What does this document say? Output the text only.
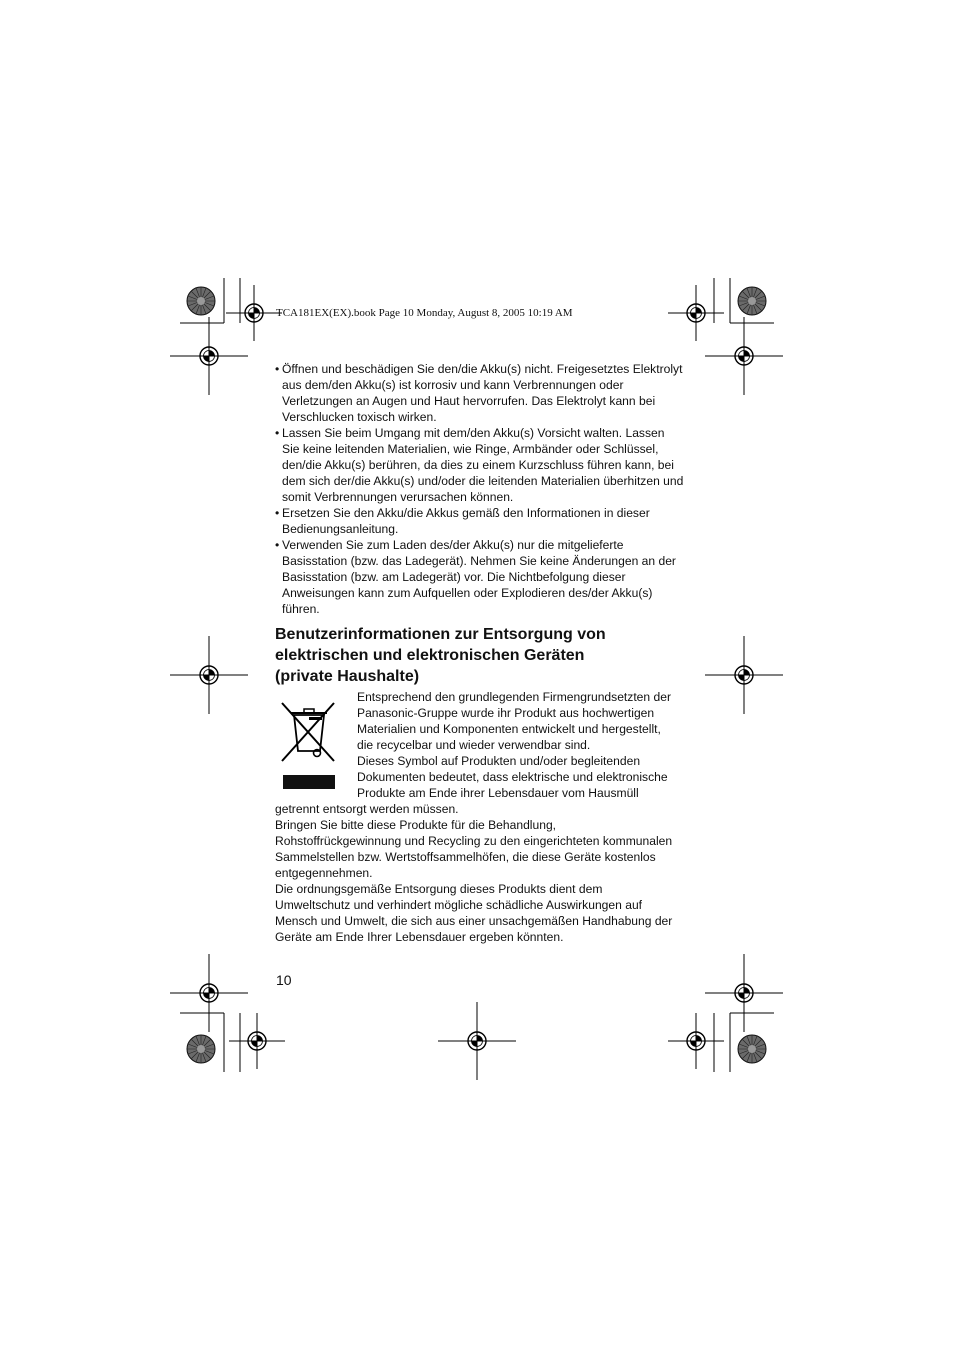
TCA181EX(EX).book Page 10 Monday, August 8, 2005 10:19 AM
• Öffnen und beschädigen Sie den/die Akku(s) nicht. Freigesetztes Elektrolyt aus dem/den Akku(s) ist korrosiv und kann Verbrennungen oder Verletzungen an Augen und Haut hervorrufen. Das Elektrolyt kann bei Verschlucken toxisch wirken.
• Lassen Sie beim Umgang mit dem/den Akku(s) Vorsicht walten. Lassen Sie keine leitenden Materialien, wie Ringe, Armbänder oder Schlüssel, den/die Akku(s) berühren, da dies zu einem Kurzschluss führen kann, bei dem sich der/die Akku(s) und/oder die leitenden Materialien überhitzen und somit Verbrennungen verursachen können.
• Ersetzen Sie den Akku/die Akkus gemäß den Informationen in dieser Bedienungsanleitung.
• Verwenden Sie zum Laden des/der Akku(s) nur die mitgelieferte Basisstation (bzw. das Ladegerät). Nehmen Sie keine Änderungen an der Basisstation (bzw. am Ladegerät) vor. Die Nichtbefolgung dieser Anweisungen kann zum Aufquellen oder Explodieren des/der Akku(s) führen.
Benutzerinformationen zur Entsorgung von
elektrischen und elektronischen Geräten
(private Haushalte)
Entsprechend den grundlegenden Firmengrundsetzten der
Panasonic-Gruppe wurde ihr Produkt aus hochwertigen
Materialien und Komponenten entwickelt und hergestellt,
die recycelbar und wieder verwendbar sind.
Dieses Symbol auf Produkten und/oder begleitenden
Dokumenten bedeutet, dass elektrische und elektronische
Produkte am Ende ihrer Lebensdauer vom Hausmüll
getrennt entsorgt werden müssen.
Bringen Sie bitte diese Produkte für die Behandlung,
Rohstoffrückgewinnung und Recycling zu den eingerichteten kommunalen
Sammelstellen bzw. Wertstoffsammelhöfen, die diese Geräte kostenlos
entgegennehmen.
Die ordnungsgemäße Entsorgung dieses Produkts dient dem
Umweltschutz und verhindert mögliche schädliche Auswirkungen auf
Mensch und Umwelt, die sich aus einer unsachgemäßen Handhabung der
Geräte am Ende Ihrer Lebensdauer ergeben könnten.
10
